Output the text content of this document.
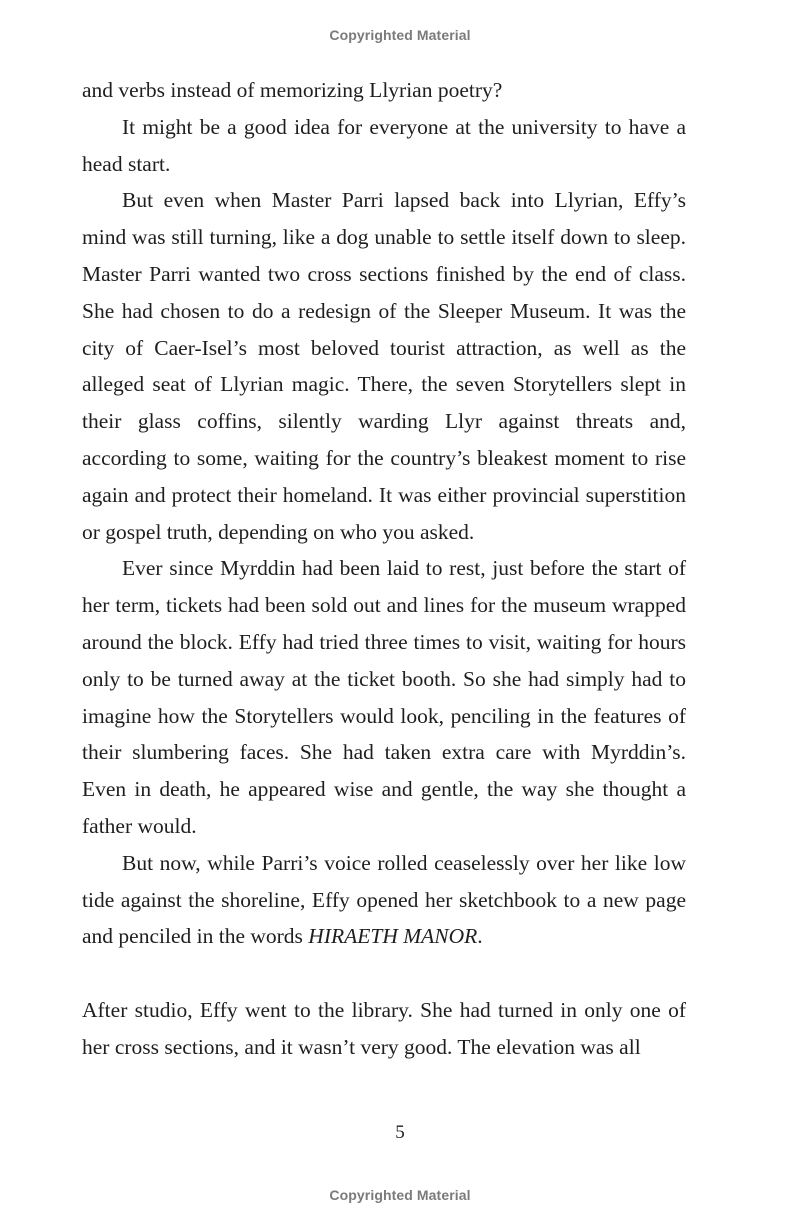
Copyrighted Material

and verbs instead of memorizing Llyrian poetry?

It might be a good idea for everyone at the university to have a head start.

But even when Master Parri lapsed back into Llyrian, Effy’s mind was still turning, like a dog unable to settle itself down to sleep. Master Parri wanted two cross sections finished by the end of class. She had chosen to do a redesign of the Sleeper Museum. It was the city of Caer-Isel’s most beloved tourist attraction, as well as the alleged seat of Llyrian magic. There, the seven Storytellers slept in their glass coffins, silently warding Llyr against threats and, according to some, waiting for the country’s bleakest moment to rise again and protect their homeland. It was either provincial superstition or gospel truth, depending on who you asked.

Ever since Myrddin had been laid to rest, just before the start of her term, tickets had been sold out and lines for the museum wrapped around the block. Effy had tried three times to visit, waiting for hours only to be turned away at the ticket booth. So she had simply had to imagine how the Storytellers would look, penciling in the features of their slumbering faces. She had taken extra care with Myrddin’s. Even in death, he appeared wise and gentle, the way she thought a father would.

But now, while Parri’s voice rolled ceaselessly over her like low tide against the shoreline, Effy opened her sketchbook to a new page and penciled in the words HIRAETH MANOR.

After studio, Effy went to the library. She had turned in only one of her cross sections, and it wasn’t very good. The elevation was all

5
Copyrighted Material
